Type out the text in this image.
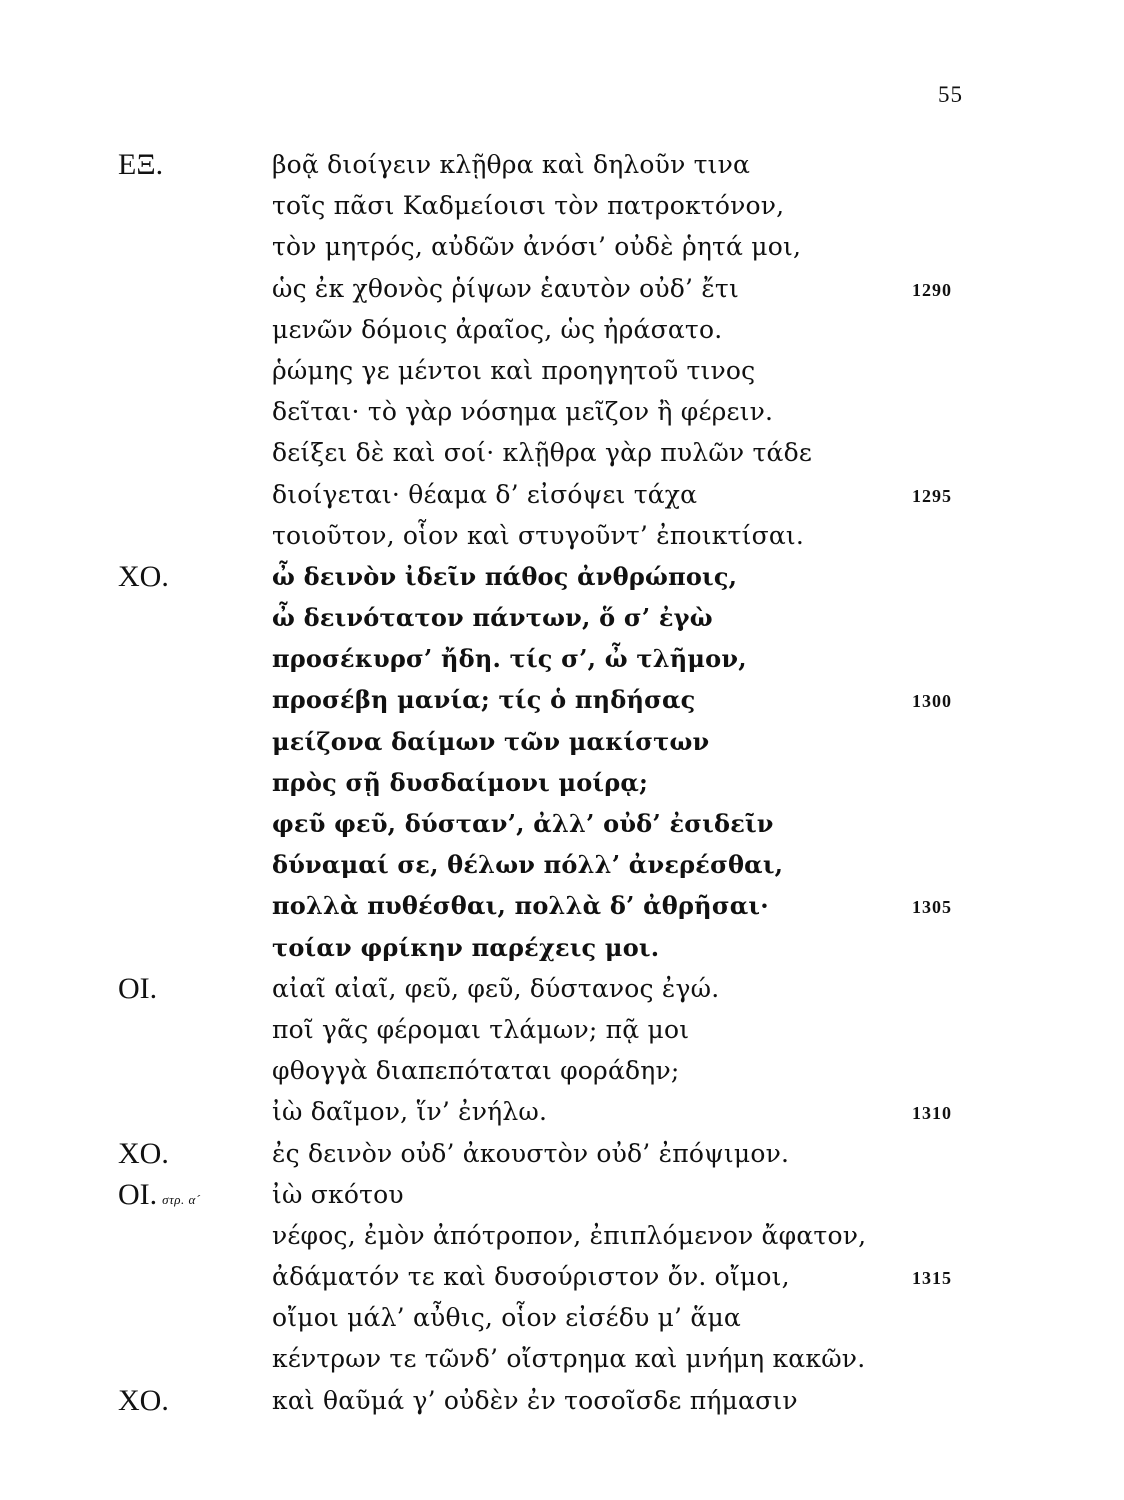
55
ΕΞ.	βοᾷ διοίγειν κλῇθρα καὶ δηλοῦν τινα
τοῖς πᾶσι Καδμείοισι τὸν πατροκτόνον,
τὸν μητρός, αὐδῶν ἀνόσι’ οὐδὲ ῥητά μοι,
ὡς ἐκ χθονὸς ῥίψων ἑαυτὸν οὐδ’ ἔτι	1290
μενῶν δόμοις ἀραῖος, ὡς ἠράσατο.
ῥώμης γε μέντοι καὶ προηγητοῦ τινος
δεῖται· τὸ γὰρ νόσημα μεῖζον ἢ φέρειν.
δείξει δὲ καὶ σοί· κλῇθρα γὰρ πυλῶν τάδε
διοίγεται· θέαμα δ’ εἰσόψει τάχα	1295
τοιοῦτον, οἷον καὶ στυγοῦντ’ ἐποικτίσαι.
ΧΟ.	ὦ δεινὸν ἰδεῖν πάθος ἀνθρώποις,
ὦ δεινότατον πάντων, ὅ σ’ ἐγὼ
προσέκυρσ’ ἤδη. τίς σ’, ὦ τλῆμον,
προσέβη μανία; τίς ὁ πηδήσας	1300
μείζονα δαίμων τῶν μακίστων
πρὸς σῇ δυσδαίμονι μοίρᾳ;
φεῦ φεῦ, δύσταν’, ἀλλ’ οὐδ’ ἐσιδεῖν
δύναμαί σε, θέλων πόλλ’ ἀνερέσθαι,
πολλὰ πυθέσθαι, πολλὰ δ’ ἀθρῆσαι·	1305
τοίαν φρίκην παρέχεις μοι.
ΟΙ.	αἰαῖ αἰαῖ, φεῦ, φεῦ, δύστανος ἐγώ.
ποῖ γᾶς φέρομαι τλάμων; πᾷ μοι
φθογγὰ διαπεπόταται φοράδην;
ἰὼ δαῖμον, ἵν’ ἐνήλω.	1310
ΧΟ.	ἐς δεινὸν οὐδ’ ἀκουστὸν οὐδ’ ἐπόψιμον.
ΟΙ. στρ. α´	ἰὼ σκότου
νέφος, ἐμὸν ἀπότροπον, ἐπιπλόμενον ἄφατον,
ἀδάματόν τε καὶ δυσούριστον ὄν. οἴμοι,	1315
οἴμοι μάλ’ αὖθις, οἷον εἰσέδυ μ’ ἅμα
κέντρων τε τῶνδ’ οἴστρημα καὶ μνήμη κακῶν.
ΧΟ.	καὶ θαῦμά γ’ οὐδὲν ἐν τοσοῖσδε πήμασιν
